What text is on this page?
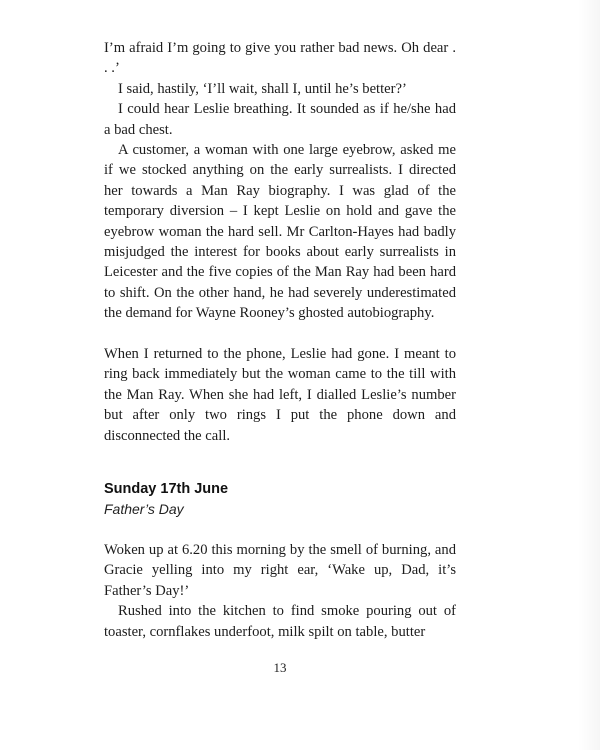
I’m afraid I’m going to give you rather bad news. Oh dear . . .’

I said, hastily, ‘I’ll wait, shall I, until he’s better?’

I could hear Leslie breathing. It sounded as if he/she had a bad chest.

A customer, a woman with one large eyebrow, asked me if we stocked anything on the early surrealists. I directed her towards a Man Ray biography. I was glad of the temporary diversion – I kept Leslie on hold and gave the eyebrow woman the hard sell. Mr Carlton-Hayes had badly misjudged the interest for books about early surrealists in Leicester and the five copies of the Man Ray had been hard to shift. On the other hand, he had severely underestimated the demand for Wayne Rooney’s ghosted autobiography.

When I returned to the phone, Leslie had gone. I meant to ring back immediately but the woman came to the till with the Man Ray. When she had left, I dialled Leslie’s number but after only two rings I put the phone down and disconnected the call.

Sunday 17th June
Father’s Day

Woken up at 6.20 this morning by the smell of burning, and Gracie yelling into my right ear, ‘Wake up, Dad, it’s Father’s Day!’

Rushed into the kitchen to find smoke pouring out of toaster, cornflakes underfoot, milk spilt on table, butter

13
